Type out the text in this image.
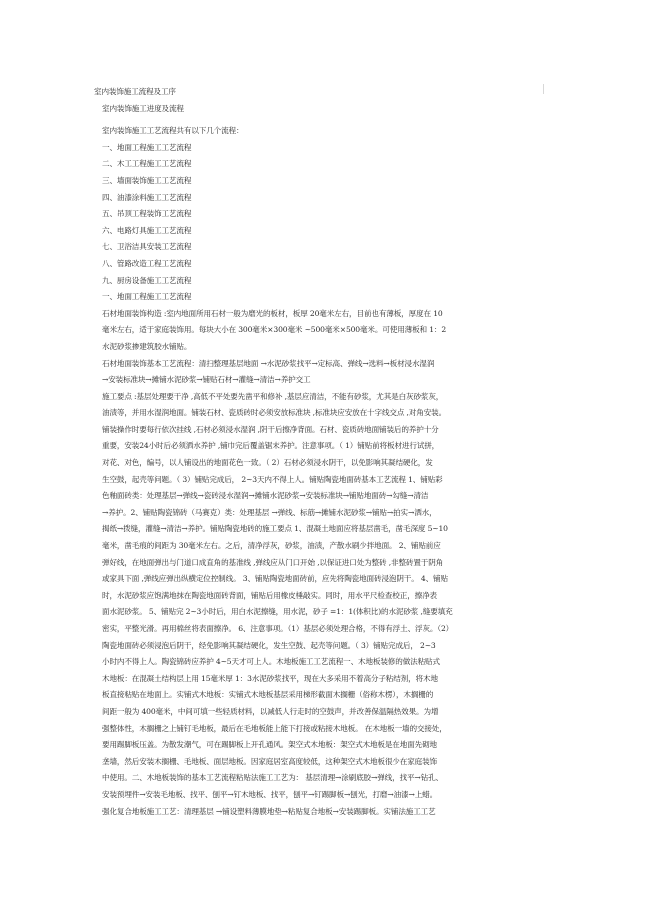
室内装饰施工流程及工序
室内装饰施工进度及流程
室内装饰施工工艺流程共有以下几个流程：
一、地面工程施工工艺流程
二、木工工程施工工艺流程
三、墙面装饰施工工艺流程
四、油漆涂料施工工艺流程
五、吊顶工程装饰工艺流程
六、电路灯具施工工艺流程
七、卫浴洁具安装工艺流程
八、管路改造工程工艺流程
九、厨房设备施工工艺流程
一、地面工程施工工艺流程
石材地面装饰构造 :室内地面所用石材一般为磨光的板材，板厚 20毫米左右，目前也有薄板，厚度在 10
毫米左右，适于家庭装饰用。每块大小在 300毫米×300毫米 ~500毫米×500毫米。可使用薄板和 1：2
水泥砂浆掺建筑胶水铺贴。
石材地面装饰基本工艺流程：清扫整理基层地面 →水泥砂浆找平→定标高、弹线→选料→板材浸水湿润
→安装标准块→摊铺水泥砂浆→铺贴石材→灌缝→清洁→养护交工
施工要点 :基层处理要干净 ,高低不平处要先凿平和修补 ,基层应清洁，不能有砂浆，尤其是白灰砂浆灰，
油渍等，并用水湿润地面。铺装石材、瓷质砖时必须安放标准块 ,标准块应安放在十字线交点 ,对角安装。
铺装操作时要每行依次挂线 ,石材必须浸水湿润 ,阴干后擦净背面。石材、瓷质砖地面铺装后的养护十分
重要，安装24小时后必须洒水养护 ,铺巾完后覆盖锯末养护。注意事项。（ 1）铺贴前将板材进行试拼，
对花、对色，编号，以人铺设出的地面花色一致。（ 2）石材必须浸水阴干，以免影响其凝结硬化，发
生空鼓，起壳等问题。（ 3）铺贴完成后， 2~3天内不得上人。铺贴陶瓷地面砖基本工艺流程 1、铺贴彩
色釉面砖类：处理基层→弹线→瓷砖浸水湿润→摊铺水泥砂浆→安装标准块→铺贴地面砖→勾缝→清洁
→养护。2、铺贴陶瓷锦砖（马赛克）类：处理基层 →弹线、标筋→摊铺水泥砂浆→铺贴→拍实→洒水，
揭纸→拨缝，灌缝→清洁→养护。铺贴陶瓷地砖的施工要点 1、混凝土地面应将基层凿毛，凿毛深度 5~10
毫米，凿毛痕的间距为 30毫米左右。之后，清净浮灰，砂浆，油渍，产散水刷少拌地面。 2、铺贴前应
弹好线，在地面弹出与门道口成直角的基准线 ,弹线应从门口开始 ,以保证进口处为整砖 ,非整砖置于阴角
或家具下面 ,弹线应弹出纵横定位控制线。 3、铺贴陶瓷地面砖前，应先将陶瓷地面砖浸泡阴干。 4、铺贴
时，水泥砂浆应饱满地抹在陶瓷地面砖背面，铺贴后用橡皮棰敲实。同时，用水平尺检查校正，擦净表
面水泥砂浆。 5、铺贴完 2~3小时后，用白水泥擦缝，用水泥，砂子 =1：1(体积比)的水泥砂浆 ,缝要填充
密实，平整光滑。再用棉丝将表面擦净。 6、注意事项。（1）基层必须处理合格，不得有浮土、浮灰。（2）
陶瓷地面砖必须浸泡后阴干，经免影响其凝结硬化，发生空鼓、起壳等问题。（ 3）铺贴完成后， 2~3
小时内不得上人。陶瓷锦砖应养护 4~5天才可上人。木地板施工工艺流程一、木地板装修的做法粘贴式
木地板：在混凝土结构层上用 15毫米厚 1：3水泥砂浆找平，现在大多采用不着高分子粘结剂，将木地
板直接粘贴在地面上。实铺式木地板：实铺式木地板基层采用梯形截面木搁栅（俗称木楞），木搁栅的
间距一般为 400毫米，中间可填一些轻质材料，以减低人行走时的空鼓声，并改善保温隔热效果。为增
强整体性，木搁栅之上铺钉毛地板，最后在毛地板能上能下打接或粘接木地板。 在木地板一墙的交接处，
要用踢脚板压盖。为散发潮气，可在踢脚板上开孔通风。架空式木地板：架空式木地板是在地面先砌地
垄墙，然后安装木搁栅、毛地板、面层地板。因家庭居室高度较低，这种架空式木地板很少在家庭装饰
中使用。二、木地板装饰的基本工艺流程粘贴法施工工艺为： 基层清理→涂刷底胶→弹线，找平→钻孔、
安装预埋件→安装毛地板、找平、刨平→钉木地板、找平，刨平→钉踢脚板→刨光，打磨→油漆→上蜡。
强化复合地板施工工艺：清理基层 →铺设塑料薄膜地垫→粘贴复合地板→安装踢脚板。实铺法施工工艺
